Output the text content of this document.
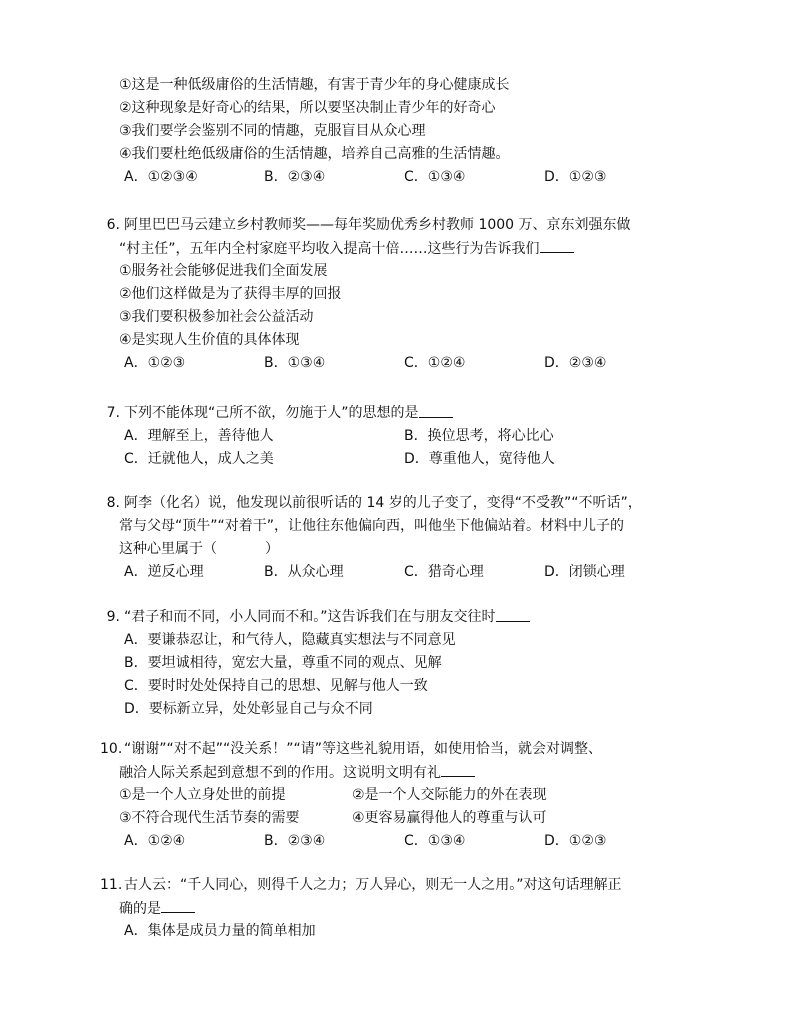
①这是一种低级庸俗的生活情趣，有害于青少年的身心健康成长
②这种现象是好奇心的结果，所以要坚决制止青少年的好奇心
③我们要学会鉴别不同的情趣，克服盲目从众心理
④我们要杜绝低级庸俗的生活情趣，培养自己高雅的生活情趣。
A．①②③④	B．②③④	C．①③④	D．①②③
6. 阿里巴巴马云建立乡村教师奖——每年奖励优秀乡村教师 1000 万、京东刘强东做
“村主任”，五年内全村家庭平均收入提高十倍……这些行为告诉我们
①服务社会能够促进我们全面发展
②他们这样做是为了获得丰厚的回报
③我们要积极参加社会公益活动
④是实现人生价值的具体体现
A．①②③	B．①③④	C．①②④	D．②③④
7. 下列不能体现“己所不欲，勿施于人”的思想的是
A．理解至上，善待他人	B．换位思考，将心比心
C．迁就他人，成人之美	D．尊重他人，宽待他人
8. 阿李（化名）说，他发现以前很听话的 14 岁的儿子变了，变得“不受教”“不听话”，
常与父母“顶牛”“对着干”，让他往东他偏向西，叫他坐下他偏站着。材料中儿子的
这种心里属于（	）
A．逆反心理	B．从众心理	C．猎奇心理	D．闭锁心理
9. “君子和而不同，小人同而不和。”这告诉我们在与朋友交往时
A．要谦恭忍让，和气待人，隐藏真实想法与不同意见
B．要坦诚相待，宽宏大量，尊重不同的观点、见解
C．要时时处处保持自己的思想、见解与他人一致
D．要标新立异，处处彰显自己与众不同
10. “谢谢”“对不起”“没关系！”“请”等这些礼貌用语，如使用恰当，就会对调整、
融洽人际关系起到意想不到的作用。这说明文明有礼
①是一个人立身处世的前提	②是一个人交际能力的外在表现
③不符合现代生活节奏的需要	④更容易赢得他人的尊重与认可
A．①②④	B．②③④	C．①③④	D．①②③
11. 古人云：“千人同心，则得千人之力；万人异心，则无一人之用。”对这句话理解正
确的是
A．集体是成员力量的简单相加
